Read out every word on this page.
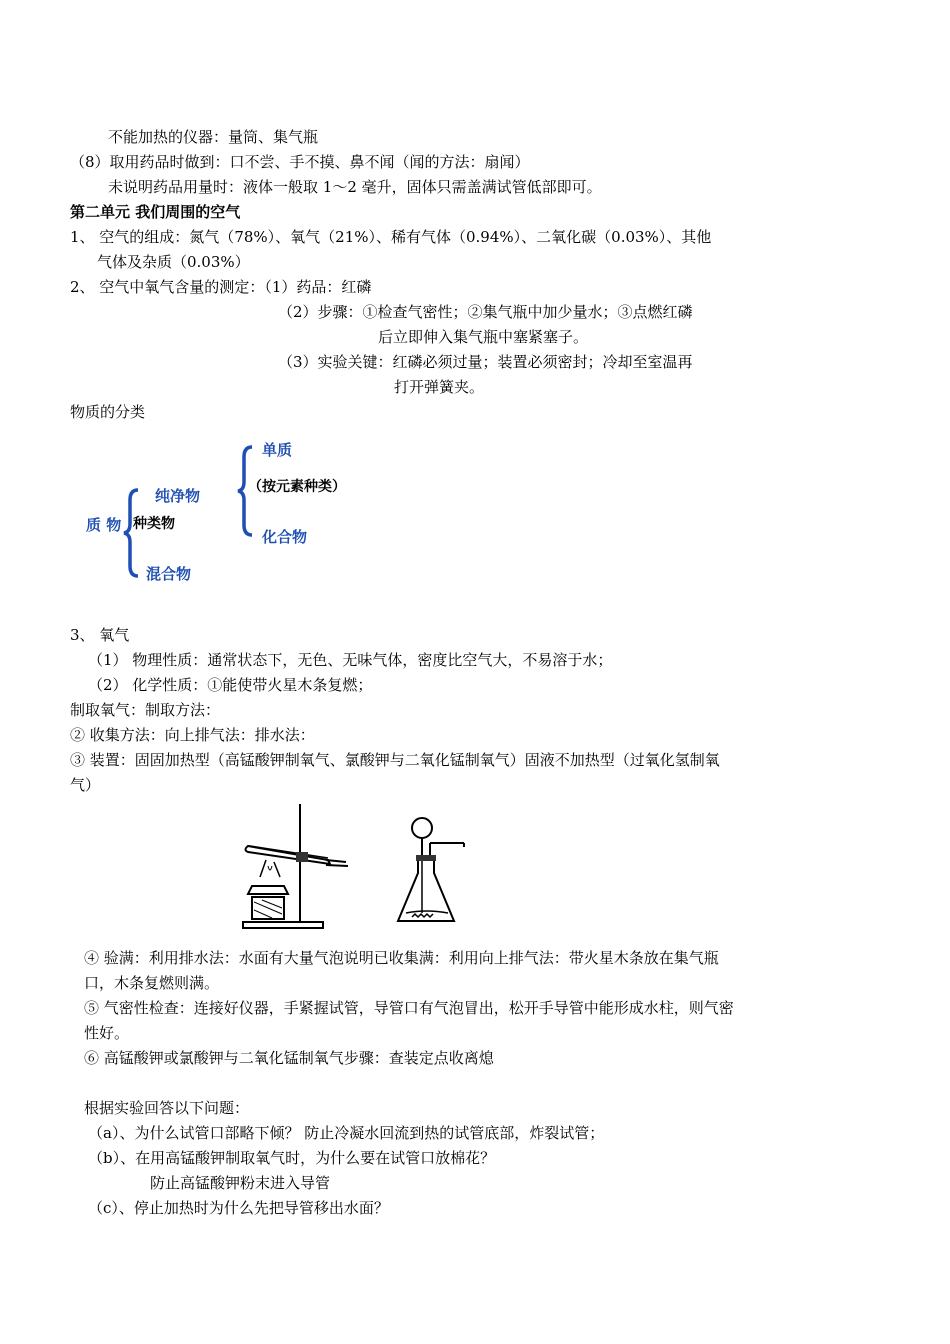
不能加热的仪器：量筒、集气瓶
（8）取用药品时做到：口不尝、手不摸、鼻不闻（闻的方法：扇闻）
未说明药品用量时：液体一般取 1～2 毫升，固体只需盖满试管低部即可。
第二单元 我们周围的空气
1、 空气的组成：氮气（78%）、氧气（21%）、稀有气体（0.94%）、二氧化碳（0.03%）、其他
气体及杂质（0.03%）
2、 空气中氧气含量的测定：（1）药品：红磷
（2）步骤：①检查气密性；②集气瓶中加少量水；③点燃红磷
后立即伸入集气瓶中塞紧塞子。
（3）实验关键：红磷必须过量；装置必须密封；冷却至室温再
打开弹簧夹。
物质的分类
质 物
纯净物
种类物
混合物
单质
（按元素种类）
化合物
3、 氧气
（1） 物理性质：通常状态下，无色、无味气体，密度比空气大，不易溶于水；
（2） 化学性质：①能使带火星木条复燃；
制取氧气：制取方法：
② 收集方法：向上排气法：排水法：
③ 装置：固固加热型（高锰酸钾制氧气、氯酸钾与二氧化锰制氧气）固液不加热型（过氧化氢制氧
气）
④ 验满：利用排水法：水面有大量气泡说明已收集满：利用向上排气法：带火星木条放在集气瓶
口，木条复燃则满。
⑤ 气密性检查：连接好仪器，手紧握试管，导管口有气泡冒出，松开手导管中能形成水柱，则气密
性好。
⑥ 高锰酸钾或氯酸钾与二氧化锰制氧气步骤：查装定点收离熄
根据实验回答以下问题：
（a）、为什么试管口部略下倾？ 防止冷凝水回流到热的试管底部，炸裂试管；
（b）、在用高锰酸钾制取氧气时，为什么要在试管口放棉花？
防止高锰酸钾粉末进入导管
（c）、停止加热时为什么先把导管移出水面？
